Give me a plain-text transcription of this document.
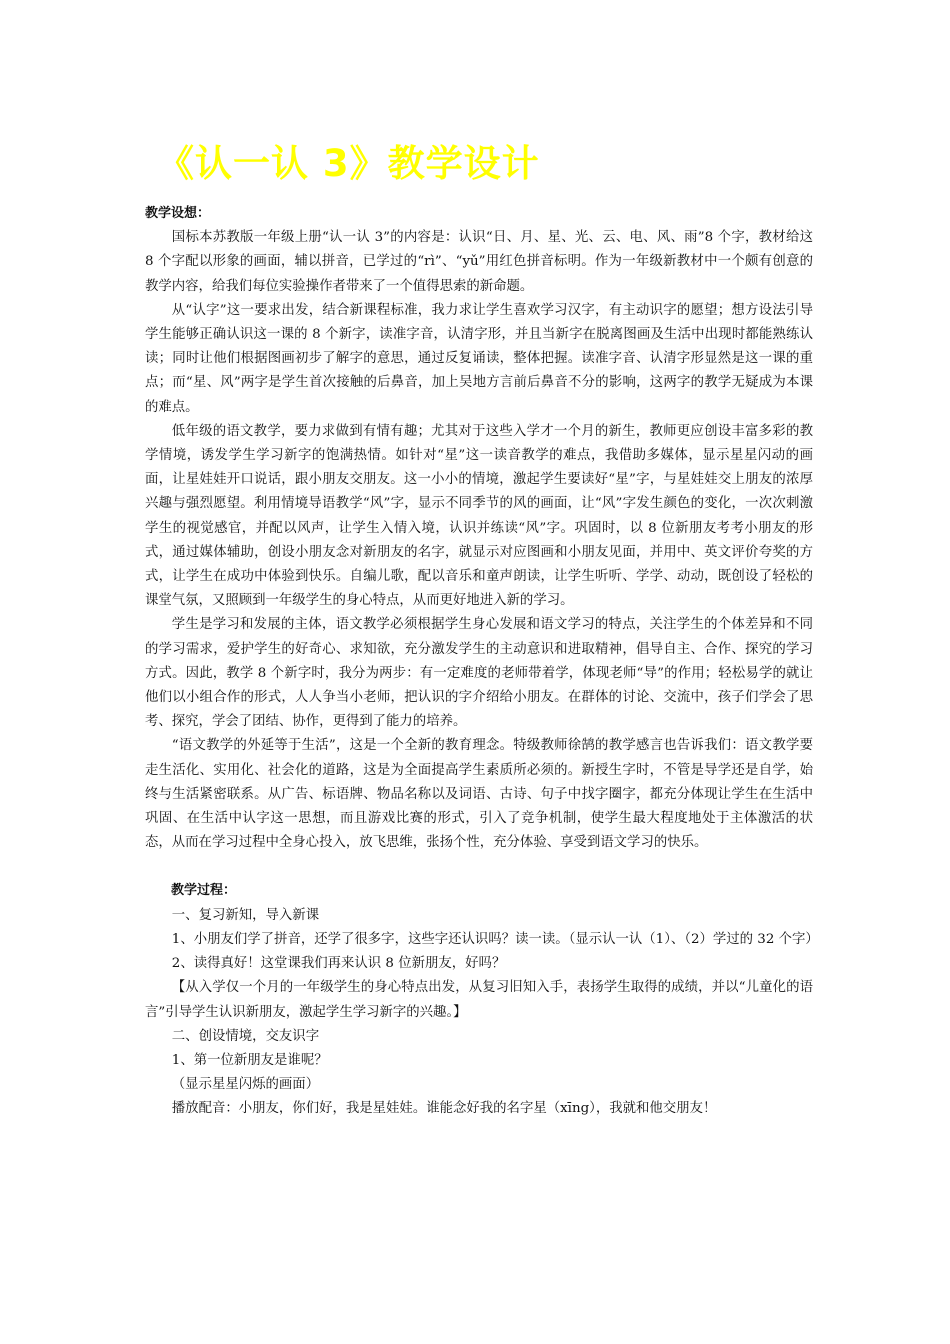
《认一认 3》教学设计

教学设想：

国标本苏教版一年级上册“认一认 3”的内容是：认识“日、月、星、光、云、电、风、雨”8 个字，教材给这 8 个字配以形象的画面，辅以拼音，已学过的“rì”、“yǔ”用红色拼音标明。作为一年级新教材中一个颇有创意的教学内容，给我们每位实验操作者带来了一个值得思索的新命题。

从“认字”这一要求出发，结合新课程标准，我力求让学生喜欢学习汉字，有主动识字的愿望；想方设法引导学生能够正确认识这一课的 8 个新字，读准字音，认清字形，并且当新字在脱离图画及生活中出现时都能熟练认读；同时让他们根据图画初步了解字的意思，通过反复诵读，整体把握。读准字音、认清字形显然是这一课的重点；而“星、风”两字是学生首次接触的后鼻音，加上吴地方言前后鼻音不分的影响，这两字的教学无疑成为本课的难点。

低年级的语文教学，要力求做到有情有趣；尤其对于这些入学才一个月的新生，教师更应创设丰富多彩的教学情境，诱发学生学习新字的饱满热情。如针对“星”这一读音教学的难点，我借助多媒体，显示星星闪动的画面，让星娃娃开口说话，跟小朋友交朋友。这一小小的情境，激起学生要读好“星”字，与星娃娃交上朋友的浓厚兴趣与强烈愿望。利用情境导语教学“风”字，显示不同季节的风的画面，让“风”字发生颜色的变化，一次次刺激学生的视觉感官，并配以风声，让学生入情入境，认识并练读“风”字。巩固时，以 8 位新朋友考考小朋友的形式，通过媒体辅助，创设小朋友念对新朋友的名字，就显示对应图画和小朋友见面，并用中、英文评价夸奖的方式，让学生在成功中体验到快乐。自编儿歌，配以音乐和童声朗读，让学生听听、学学、动动，既创设了轻松的课堂气氛，又照顾到一年级学生的身心特点，从而更好地进入新的学习。

学生是学习和发展的主体，语文教学必须根据学生身心发展和语文学习的特点，关注学生的个体差异和不同的学习需求，爱护学生的好奇心、求知欲，充分激发学生的主动意识和进取精神，倡导自主、合作、探究的学习方式。因此，教学 8 个新字时，我分为两步：有一定难度的老师带着学，体现老师“导”的作用；轻松易学的就让他们以小组合作的形式，人人争当小老师，把认识的字介绍给小朋友。在群体的讨论、交流中，孩子们学会了思考、探究，学会了团结、协作，更得到了能力的培养。

“语文教学的外延等于生活”，这是一个全新的教育理念。特级教师徐鹄的教学感言也告诉我们：语文教学要走生活化、实用化、社会化的道路，这是为全面提高学生素质所必须的。新授生字时，不管是导学还是自学，始终与生活紧密联系。从广告、标语牌、物品名称以及词语、古诗、句子中找字圈字，都充分体现让学生在生活中巩固、在生活中认字这一思想，而且游戏比赛的形式，引入了竞争机制，使学生最大程度地处于主体激活的状态，从而在学习过程中全身心投入，放飞思维，张扬个性，充分体验、享受到语文学习的快乐。

教学过程：

一、复习新知，导入新课

1、小朋友们学了拼音，还学了很多字，这些字还认识吗？读一读。（显示认一认（1）、（2）学过的 32 个字）

2、读得真好！这堂课我们再来认识 8 位新朋友，好吗？

【从入学仅一个月的一年级学生的身心特点出发，从复习旧知入手，表扬学生取得的成绩，并以“儿童化的语言”引导学生认识新朋友，激起学生学习新字的兴趣。】

二、创设情境，交友识字

1、第一位新朋友是谁呢？

（显示星星闪烁的画面）

播放配音：小朋友，你们好，我是星娃娃。谁能念好我的名字星（xīng），我就和他交朋友！
